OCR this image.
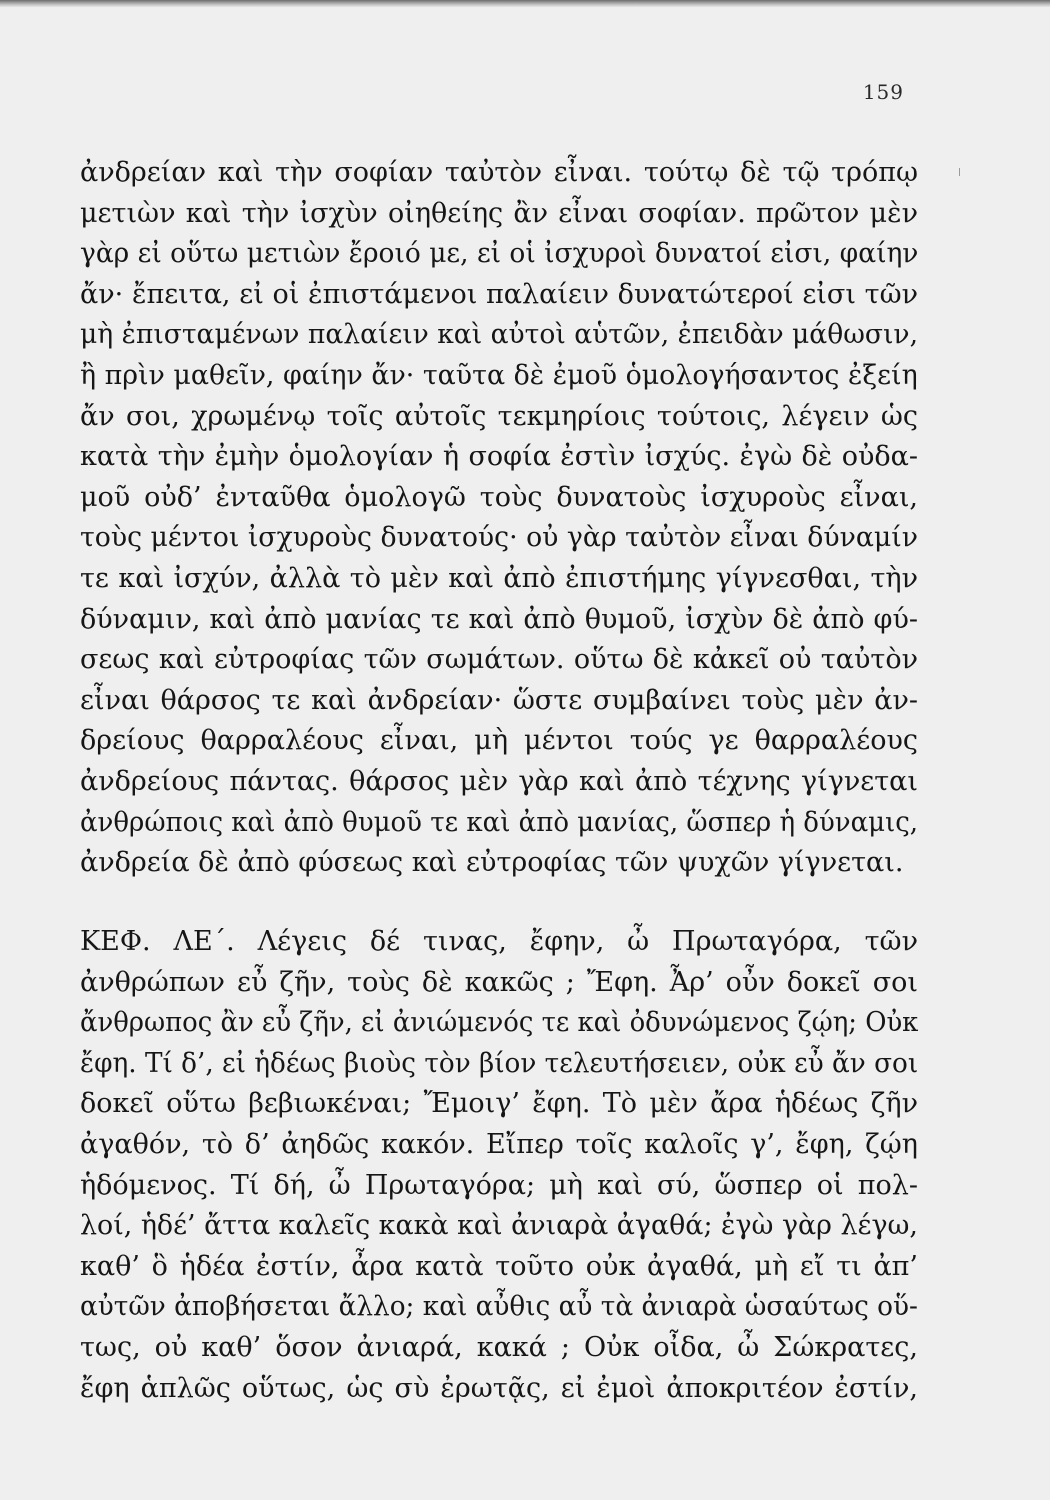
159
ἀνδρείαν καὶ τὴν σοφίαν ταὐτὸν εἶναι. τούτῳ δὲ τῷ τρόπῳ
μετιὼν καὶ τὴν ἰσχὺν οἰηθείης ἂν εἶναι σοφίαν. πρῶτον μὲν
γὰρ εἰ οὕτω μετιὼν ἔροιό με, εἰ οἱ ἰσχυροὶ δυνατοί εἰσι, φαίην
ἄν· ἔπειτα, εἰ οἱ ἐπιστάμενοι παλαίειν δυνατώτεροί εἰσι τῶν
μὴ ἐπισταμένων παλαίειν καὶ αὐτοὶ αὑτῶν, ἐπειδὰν μάθωσιν,
ἢ πρὶν μαθεῖν, φαίην ἄν· ταῦτα δὲ ἐμοῦ ὁμολογήσαντος ἐξείη
ἄν σοι, χρωμένῳ τοῖς αὐτοῖς τεκμηρίοις τούτοις, λέγειν ὡς
κατὰ τὴν ἐμὴν ὁμολογίαν ἡ σοφία ἐστὶν ἰσχύς. ἐγὼ δὲ οὐδα-
μοῦ οὐδ’ ἐνταῦθα ὁμολογῶ τοὺς δυνατοὺς ἰσχυροὺς εἶναι,
τοὺς μέντοι ἰσχυροὺς δυνατούς· οὐ γὰρ ταὐτὸν εἶναι δύναμίν
τε καὶ ἰσχύν, ἀλλὰ τὸ μὲν καὶ ἀπὸ ἐπιστήμης γίγνεσθαι, τὴν
δύναμιν, καὶ ἀπὸ μανίας τε καὶ ἀπὸ θυμοῦ, ἰσχὺν δὲ ἀπὸ φύ-
σεως καὶ εὐτροφίας τῶν σωμάτων. οὕτω δὲ κἀκεῖ οὐ ταὐτὸν
εἶναι θάρσος τε καὶ ἀνδρείαν· ὥστε συμβαίνει τοὺς μὲν ἀν-
δρείους θαρραλέους εἶναι, μὴ μέντοι τούς γε θαρραλέους
ἀνδρείους πάντας. θάρσος μὲν γὰρ καὶ ἀπὸ τέχνης γίγνεται
ἀνθρώποις καὶ ἀπὸ θυμοῦ τε καὶ ἀπὸ μανίας, ὥσπερ ἡ δύναμις,
ἀνδρεία δὲ ἀπὸ φύσεως καὶ εὐτροφίας τῶν ψυχῶν γίγνεται.
ΚΕΦ. ΛΕ΄. Λέγεις δέ τινας, ἔφην, ὦ Πρωταγόρα, τῶν
ἀνθρώπων εὖ ζῆν, τοὺς δὲ κακῶς ; Ἔφη. Ἆρ’ οὖν δοκεῖ σοι
ἄνθρωπος ἂν εὖ ζῆν, εἰ ἀνιώμενός τε καὶ ὀδυνώμενος ζῴη; Οὐκ
ἔφη. Τί δ’, εἰ ἡδέως βιοὺς τὸν βίον τελευτήσειεν, οὐκ εὖ ἄν σοι
δοκεῖ οὕτω βεβιωκέναι; Ἔμοιγ’ ἔφη. Τὸ μὲν ἄρα ἡδέως ζῆν
ἀγαθόν, τὸ δ’ ἀηδῶς κακόν. Εἴπερ τοῖς καλοῖς γ’, ἔφη, ζῴη
ἡδόμενος. Τί δή, ὦ Πρωταγόρα; μὴ καὶ σύ, ὥσπερ οἱ πολ-
λοί, ἡδέ’ ἄττα καλεῖς κακὰ καὶ ἀνιαρὰ ἀγαθά; ἐγὼ γὰρ λέγω,
καθ’ ὃ ἡδέα ἐστίν, ἆρα κατὰ τοῦτο οὐκ ἀγαθά, μὴ εἴ τι ἀπ’
αὐτῶν ἀποβήσεται ἄλλο; καὶ αὖθις αὖ τὰ ἀνιαρὰ ὡσαύτως οὕ-
τως, οὐ καθ’ ὅσον ἀνιαρά, κακά ; Οὐκ οἶδα, ὦ Σώκρατες,
ἔφη ἁπλῶς οὕτως, ὡς σὺ ἐρωτᾷς, εἰ ἐμοὶ ἀποκριτέον ἐστίν,
